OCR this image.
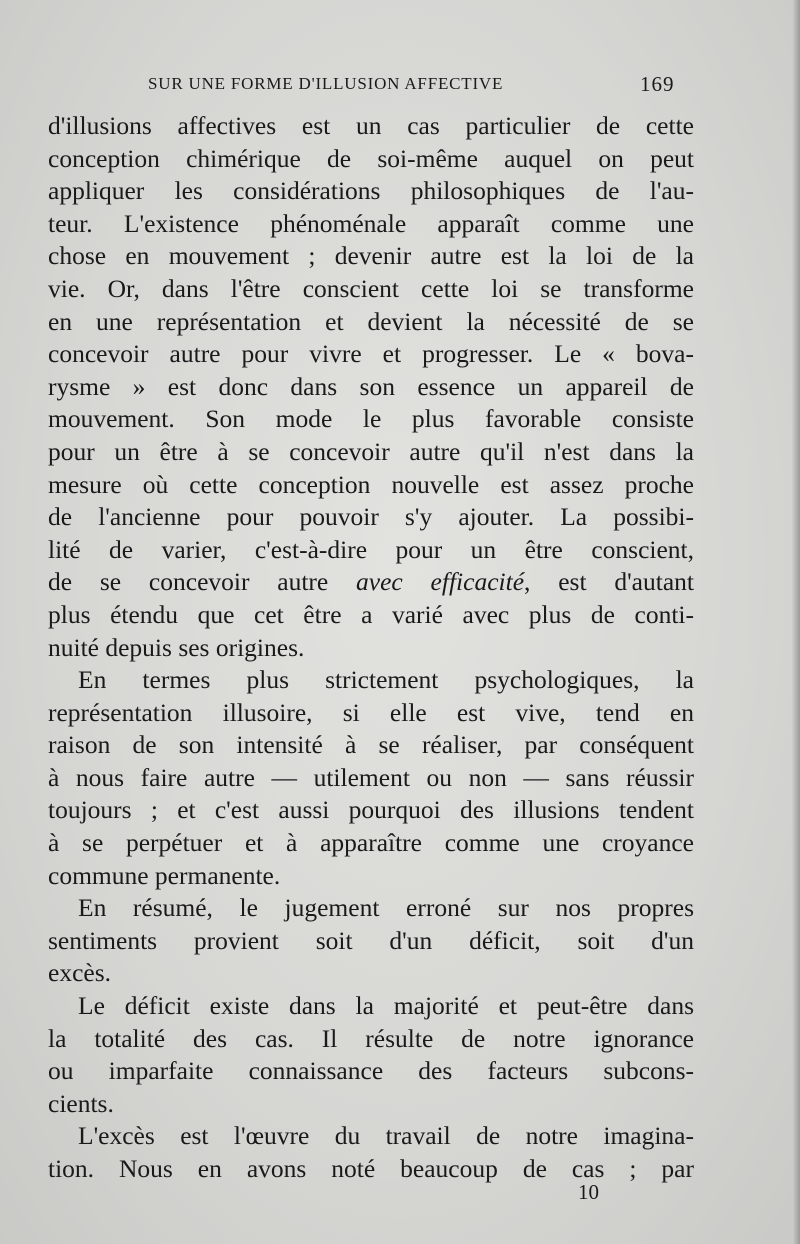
SUR UNE FORME D'ILLUSION AFFECTIVE	169
d'illusions affectives est un cas particulier de cette
conception chimérique de soi-même auquel on peut
appliquer les considérations philosophiques de l'au-
teur. L'existence phénoménale apparaît comme une
chose en mouvement ; devenir autre est la loi de la
vie. Or, dans l'être conscient cette loi se transforme
en une représentation et devient la nécessité de se
concevoir autre pour vivre et progresser. Le « bova-
rysme » est donc dans son essence un appareil de
mouvement. Son mode le plus favorable consiste
pour un être à se concevoir autre qu'il n'est dans la
mesure où cette conception nouvelle est assez proche
de l'ancienne pour pouvoir s'y ajouter. La possibi-
lité de varier, c'est-à-dire pour un être conscient,
de se concevoir autre avec efficacité, est d'autant
plus étendu que cet être a varié avec plus de conti-
nuité depuis ses origines.
En termes plus strictement psychologiques, la
représentation illusoire, si elle est vive, tend en
raison de son intensité à se réaliser, par conséquent
à nous faire autre — utilement ou non — sans réussir
toujours ; et c'est aussi pourquoi des illusions tendent
à se perpétuer et à apparaître comme une croyance
commune permanente.
En résumé, le jugement erroné sur nos propres
sentiments provient soit d'un déficit, soit d'un
excès.
Le déficit existe dans la majorité et peut-être dans
la totalité des cas. Il résulte de notre ignorance
ou imparfaite connaissance des facteurs subcons-
cients.
L'excès est l'œuvre du travail de notre imagina-
tion. Nous en avons noté beaucoup de cas ; par
10
